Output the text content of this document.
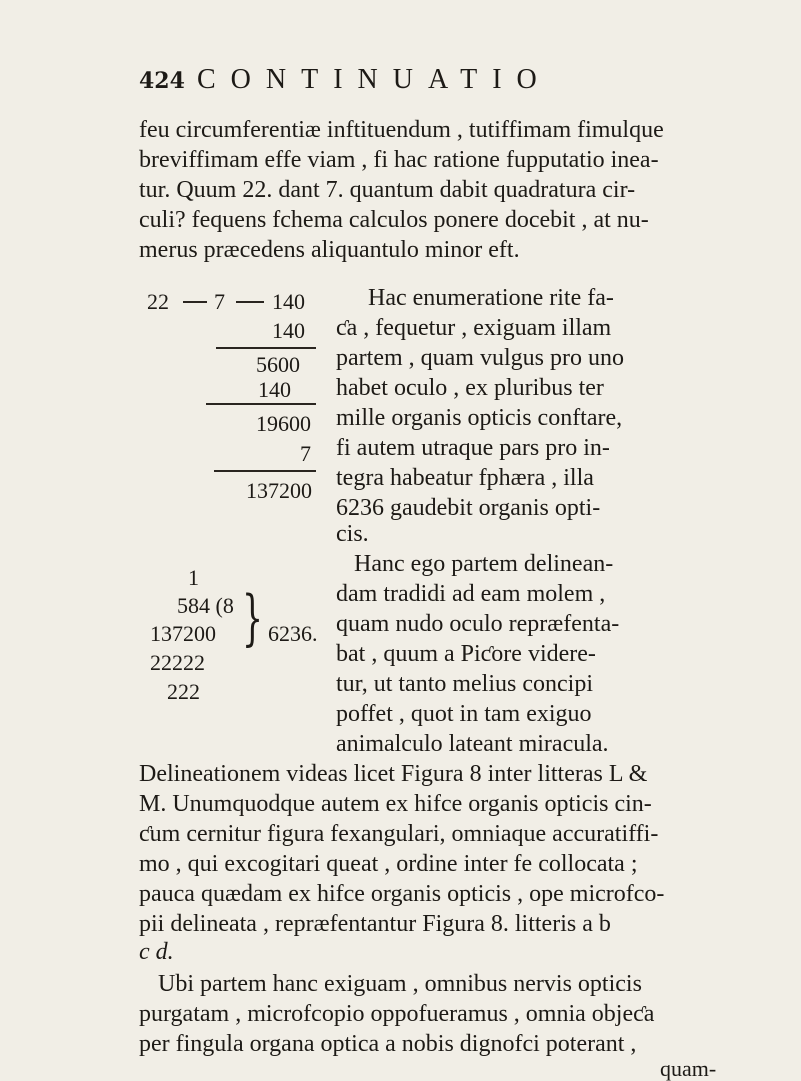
424 CONTINUATIO
feu circumferentiæ inftituendum , tutiffimam fimulque
breviffimam effe viam , fi hac ratione fupputatio inea-
tur. Quum 22. dant 7. quantum dabit quadratura cir-
culi? fequens fchema calculos ponere docebit , at nu-
merus præcedens aliquantulo minor eft.
22 7 140
140
5600
140
19600
7
137200
Hac enumeratione rite fa-
ƈa , fequetur , exiguam illam
partem , quam vulgus pro uno
habet oculo , ex pluribus ter
mille organis opticis conftare,
fi autem utraque pars pro in-
tegra habeatur fphæra , illa
6236 gaudebit organis opti-
cis.
1
584 (8
137200
22222
222
} 6236.
Hanc ego partem delinean-
dam tradidi ad eam molem ,
quam nudo oculo repræfenta-
bat , quum a Piƈore videre-
tur, ut tanto melius concipi
poffet , quot in tam exiguo
animalculo lateant miracula.
Delineationem videas licet Figura 8 inter litteras L &
M. Unumquodque autem ex hifce organis opticis cin-
ƈum cernitur figura fexangulari, omniaque accuratiffi-
mo , qui excogitari queat , ordine inter fe collocata ;
pauca quædam ex hifce organis opticis , ope microfco-
pii delineata , repræfentantur Figura 8. litteris a b
c d.
Ubi partem hanc exiguam , omnibus nervis opticis
purgatam , microfcopio oppofueramus , omnia objeƈa
per fingula organa optica a nobis dignofci poterant ,
quam-
